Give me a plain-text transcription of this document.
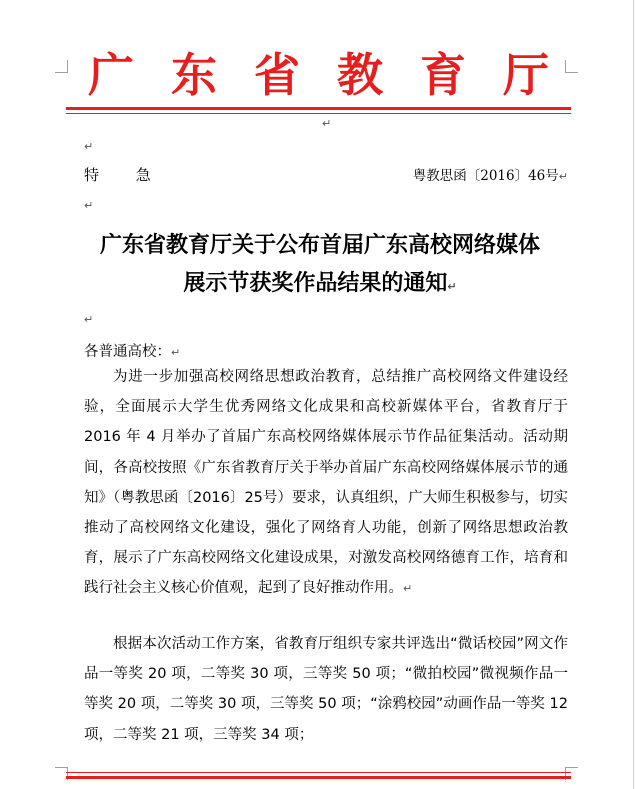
广 东 省 教 育 厅
↵
↵
特 急	粤教思函〔2016〕46号↵
↵
广东省教育厅关于公布首届广东高校网络媒体
展示节获奖作品结果的通知↵
↵
各普通高校：↵
为进一步加强高校网络思想政治教育，总结推广高校网络文件建设经验，全面展示大学生优秀网络文化成果和高校新媒体平台，省教育厅于 2016 年 4 月举办了首届广东高校网络媒体展示节作品征集活动。活动期间，各高校按照《广东省教育厅关于举办首届广东高校网络媒体展示节的通知》（粤教思函〔2016〕25号）要求，认真组织，广大师生积极参与，切实推动了高校网络文化建设，强化了网络育人功能，创新了网络思想政治教育，展示了广东高校网络文化建设成果，对激发高校网络德育工作，培育和践行社会主义核心价值观，起到了良好推动作用。↵
根据本次活动工作方案，省教育厅组织专家共评选出“微话校园”网文作品一等奖 20 项，二等奖 30 项，三等奖 50 项；“微拍校园”微视频作品一等奖 20 项，二等奖 30 项，三等奖 50 项；“涂鸦校园”动画作品一等奖 12 项，二等奖 21 项，三等奖 34 项；
